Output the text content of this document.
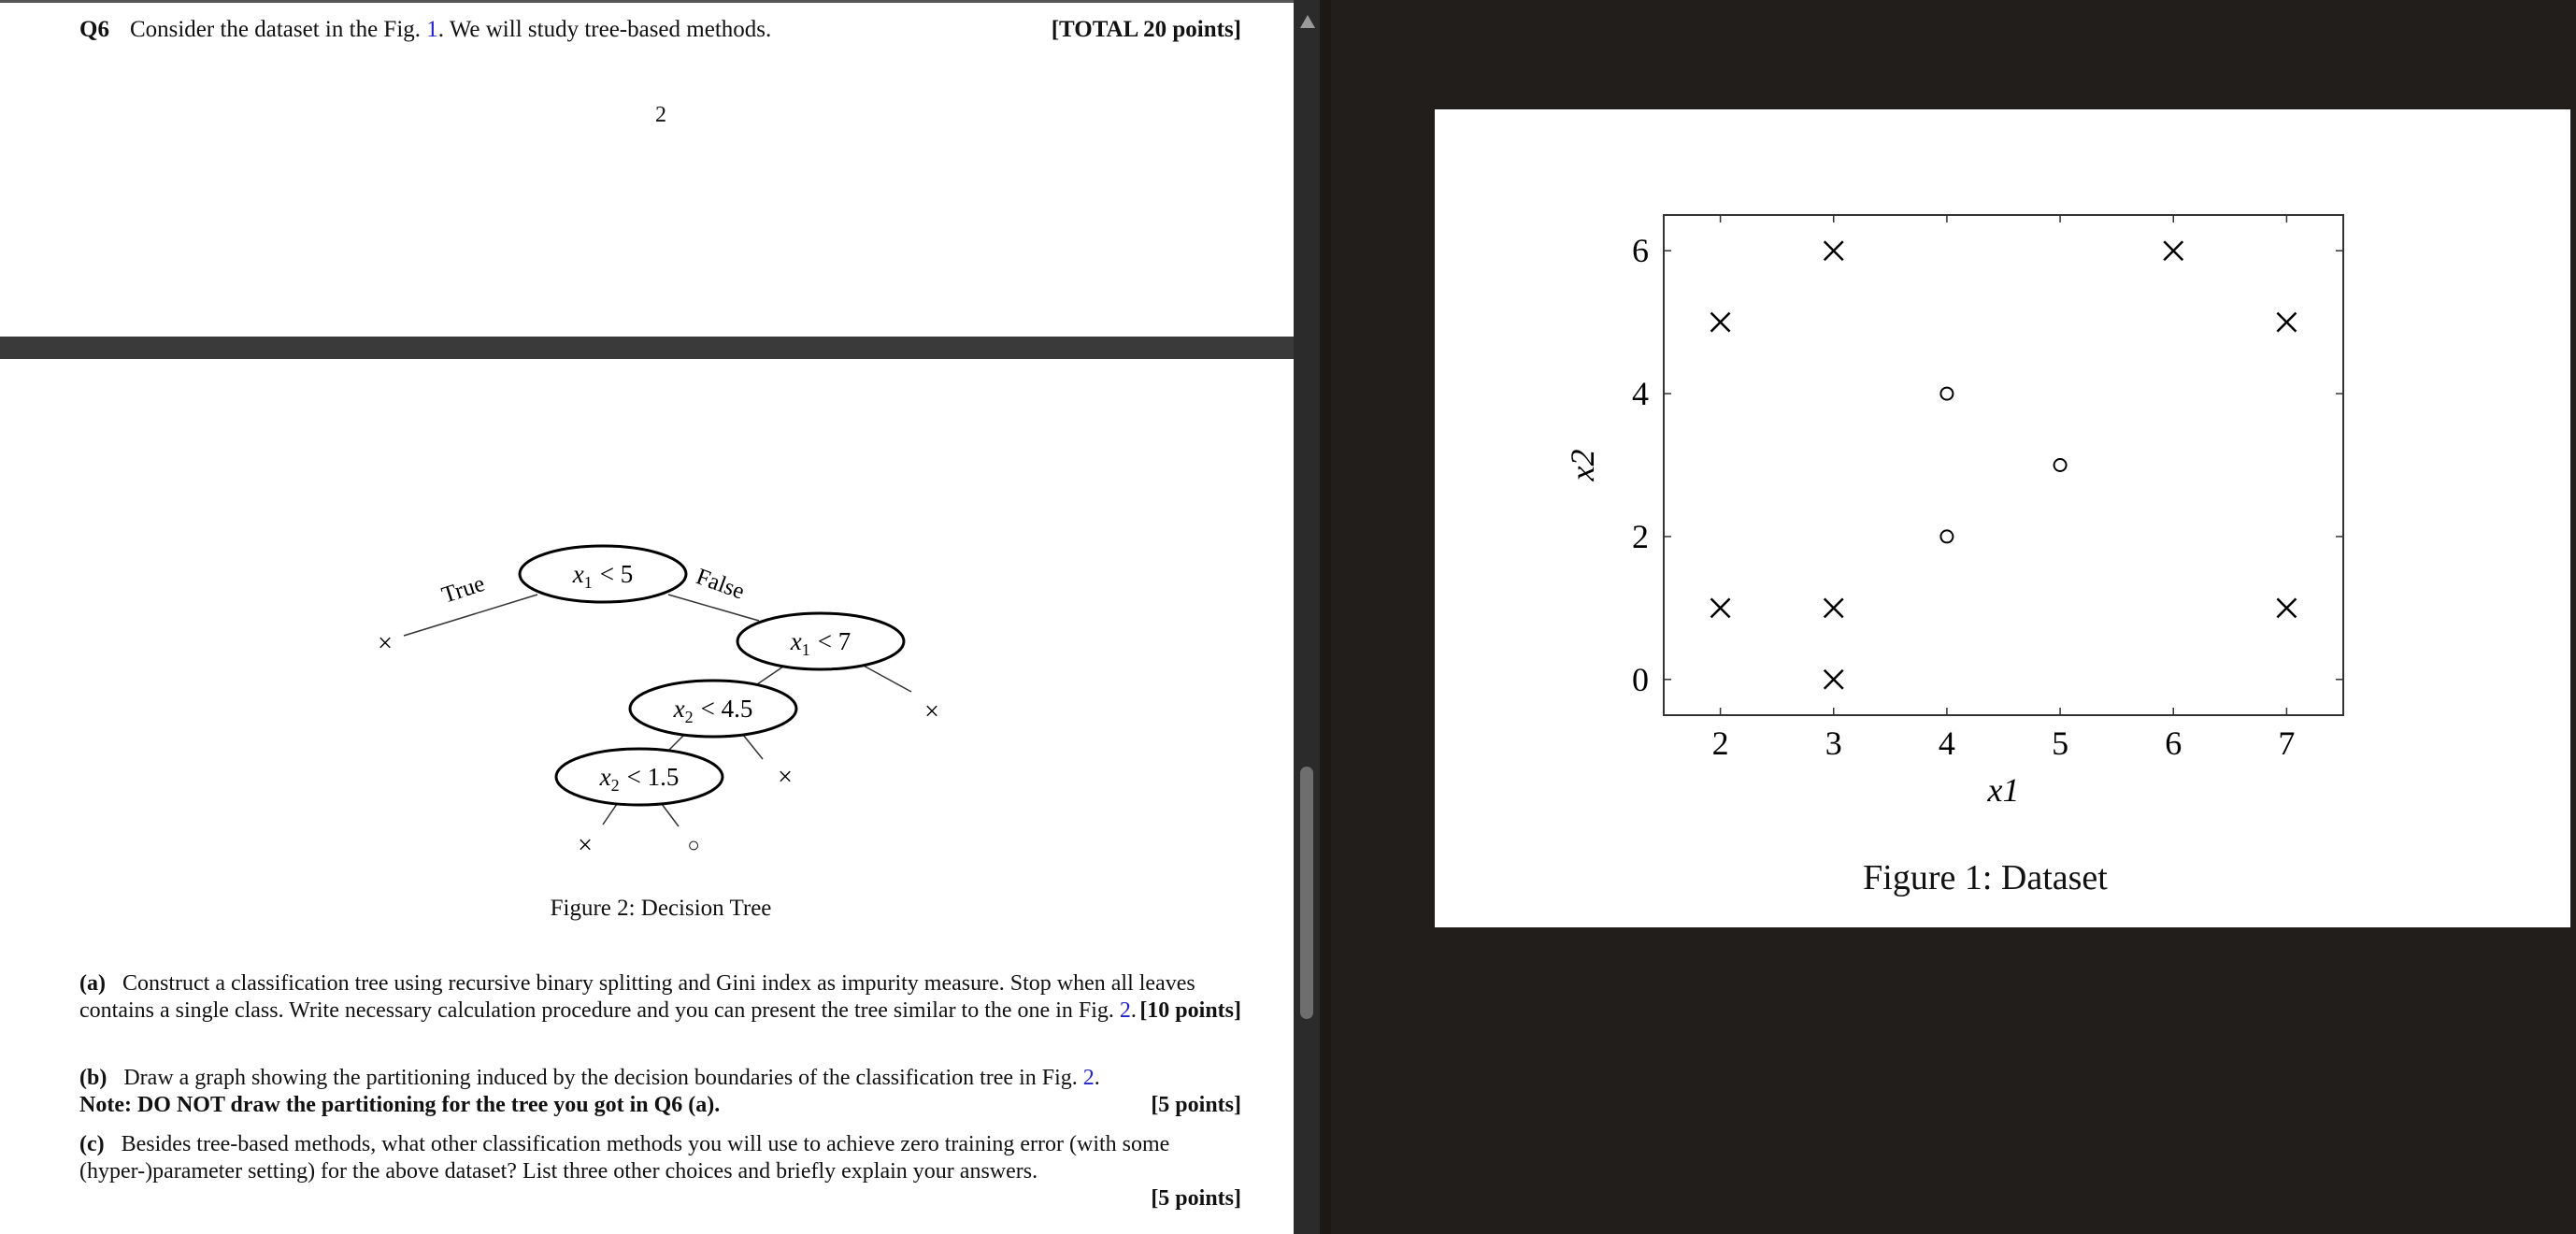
Q6 Consider the dataset in the Fig. 1. We will study tree-based methods.	[TOTAL 20 points]
2
True	False
$x_1 < 5$
$x_1 < 7$
$x_2 < 4.5$
$x_2 < 1.5$
×
×
×
×	○
Figure 2: Decision Tree
(a) Construct a classification tree using recursive binary splitting and Gini index as impurity measure. Stop when all leaves contains a single class. Write necessary calculation procedure and you can present the tree similar to the one in Fig. 2. [10 points]
(b) Draw a graph showing the partitioning induced by the decision boundaries of the classification tree in Fig. 2.
Note: DO NOT draw the partitioning for the tree you got in Q6 (a).	[5 points]
(c) Besides tree-based methods, what other classification methods you will use to achieve zero training error (with some (hyper-)parameter setting) for the above dataset? List three other choices and briefly explain your answers.

[5 points]
2	3	4	5	6	7
0
2
4
6
x1
x2
Figure 1: Dataset
